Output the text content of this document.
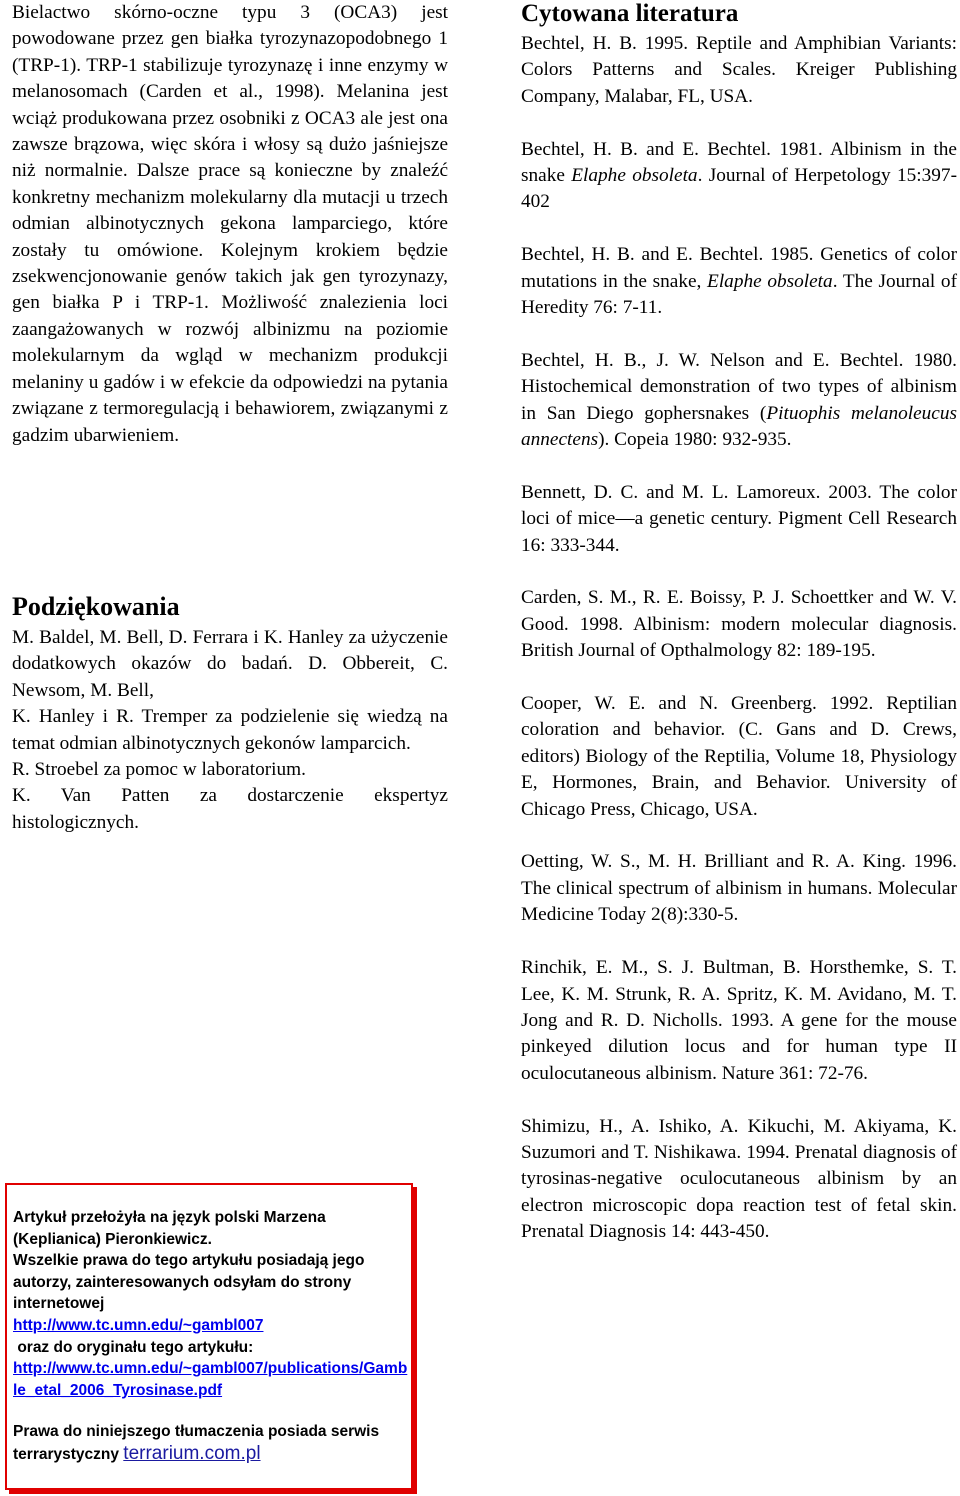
Bielactwo skórno-oczne typu 3 (OCA3) jest powodowane przez gen białka tyrozynazopodobnego 1 (TRP-1). TRP-1 stabilizuje tyrozynazę i inne enzymy w melanosomach (Carden et al., 1998). Melanina jest wciąż produkowana przez osobniki z OCA3 ale jest ona zawsze brązowa, więc skóra i włosy są dużo jaśniejsze niż normalnie. Dalsze prace są konieczne by znaleźć konkretny mechanizm molekularny dla mutacji u trzech odmian albinotycznych gekona lamparciego, które zostały tu omówione. Kolejnym krokiem będzie zsekwencjonowanie genów takich jak gen tyrozynazy, gen białka P i TRP-1. Możliwość znalezienia loci zaangażowanych w rozwój albinizmu na poziomie molekularnym da wgląd w mechanizm produkcji melaniny u gadów i w efekcie da odpowiedzi na pytania związane z termoregulacją i behawiorem, związanymi z gadzim ubarwieniem.

Podziękowania

M. Baldel, M. Bell, D. Ferrara i K. Hanley za użyczenie dodatkowych okazów do badań. D. Obbereit, C. Newsom, M. Bell,

K. Hanley i R. Tremper za podzielenie się wiedzą na temat odmian albinotycznych gekonów lamparcich.

R. Stroebel za pomoc w laboratorium.

K. Van Patten za dostarczenie ekspertyz histologicznych.

Artykuł przełożyła na język polski Marzena (Keplianica) Pieronkiewicz.
Wszelkie prawa do tego artykułu posiadają jego autorzy, zainteresowanych odsyłam do strony internetowej
http://www.tc.umn.edu/~gambl007
oraz do oryginału tego artykułu:
http://www.tc.umn.edu/~gambl007/publications/Gamble_etal_2006_Tyrosinase.pdf
Prawa do niniejszego tłumaczenia posiada serwis terrarystyczny terrarium.com.pl
Cytowana literatura

Bechtel, H. B. 1995. Reptile and Amphibian Variants: Colors Patterns and Scales. Kreiger Publishing Company, Malabar, FL, USA.

Bechtel, H. B. and E. Bechtel. 1981. Albinism in the snake Elaphe obsoleta. Journal of Herpetology 15:397-402

Bechtel, H. B. and E. Bechtel. 1985. Genetics of color mutations in the snake, Elaphe obsoleta. The Journal of Heredity 76: 7-11.

Bechtel, H. B., J. W. Nelson and E. Bechtel. 1980. Histochemical demonstration of two types of albinism in San Diego gophersnakes (Pituophis melanoleucus annectens). Copeia 1980: 932-935.

Bennett, D. C. and M. L. Lamoreux. 2003. The color loci of mice—a genetic century. Pigment Cell Research 16: 333-344.

Carden, S. M., R. E. Boissy, P. J. Schoettker and W. V. Good. 1998. Albinism: modern molecular diagnosis. British Journal of Opthalmology 82: 189-195.

Cooper, W. E. and N. Greenberg. 1992. Reptilian coloration and behavior. (C. Gans and D. Crews, editors) Biology of the Reptilia, Volume 18, Physiology E, Hormones, Brain, and Behavior. University of Chicago Press, Chicago, USA.

Oetting, W. S., M. H. Brilliant and R. A. King. 1996. The clinical spectrum of albinism in humans. Molecular Medicine Today 2(8):330-5.

Rinchik, E. M., S. J. Bultman, B. Horsthemke, S. T. Lee, K. M. Strunk, R. A. Spritz, K. M. Avidano, M. T. Jong and R. D. Nicholls. 1993. A gene for the mouse pinkeyed dilution locus and for human type II oculocutaneous albinism. Nature 361: 72-76.

Shimizu, H., A. Ishiko, A. Kikuchi, M. Akiyama, K. Suzumori and T. Nishikawa. 1994. Prenatal diagnosis of tyrosinas-negative oculocutaneous albinism by an electron microscopic dopa reaction test of fetal skin. Prenatal Diagnosis 14: 443-450.
